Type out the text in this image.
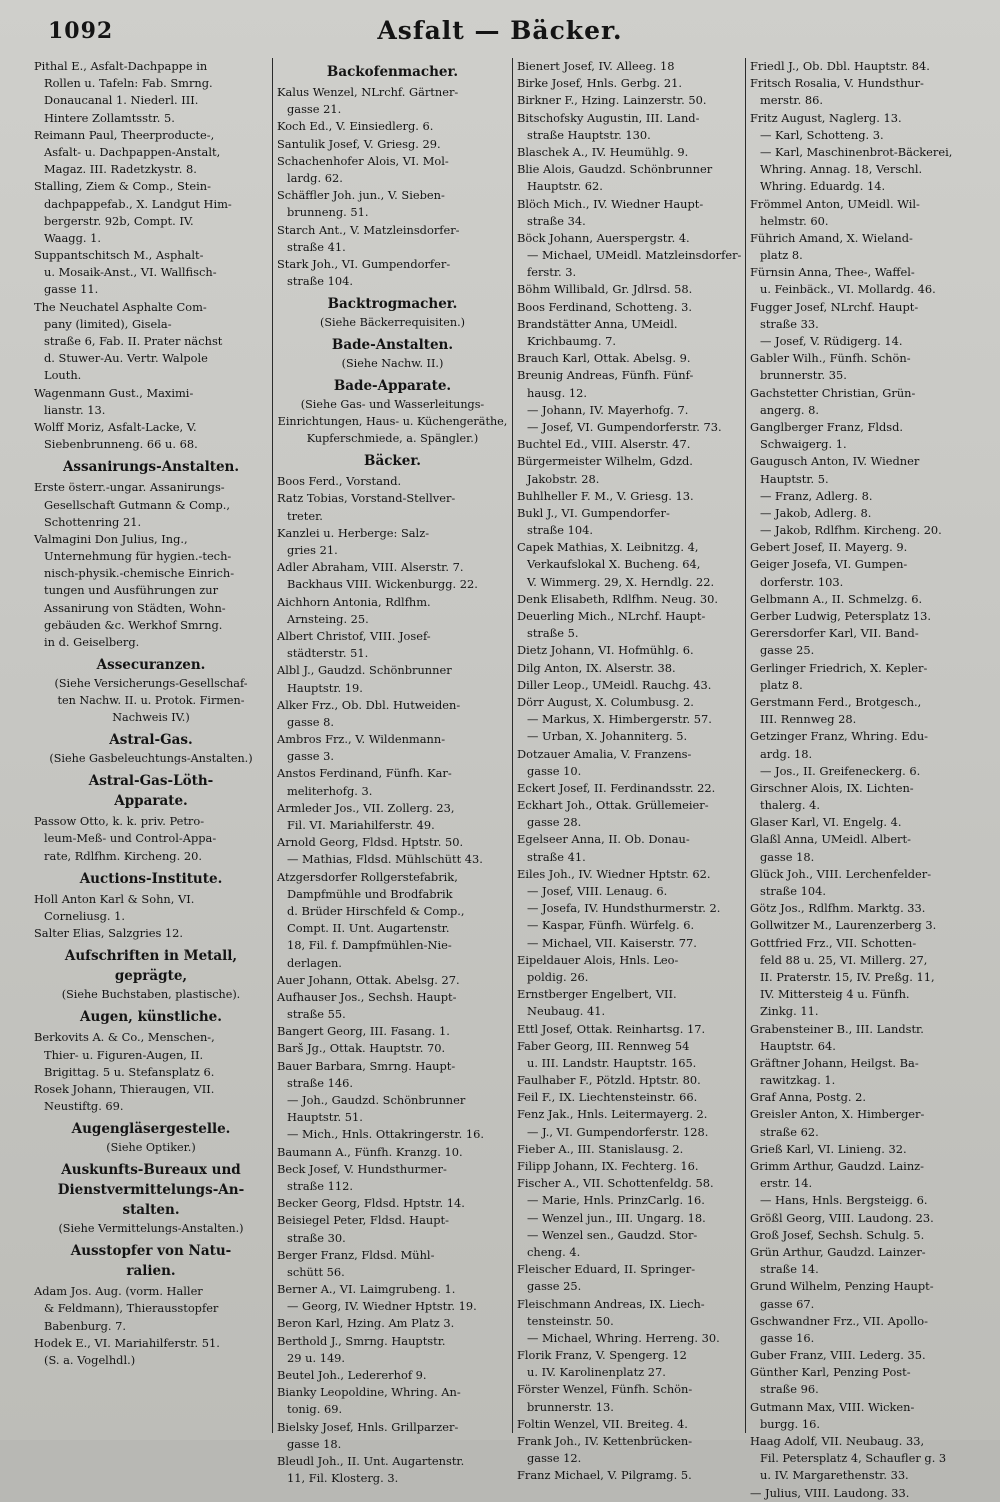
1092	Asfalt — Bäcker.
Pithal E., Asfalt-Dachpappe in
Rollen u. Tafeln: Fab. Smrng.
Donaucanal 1. Niederl. III.
Hintere Zollamtsstr. 5.
Reimann Paul, Theerproducte-,
Asfalt- u. Dachpappen-Anstalt,
Magaz. III. Radetzkystr. 8.
Stalling, Ziem & Comp., Stein-
dachpappefab., X. Landgut Him-
bergerstr. 92b, Compt. IV.
Waagg. 1.
Suppantschitsch M., Asphalt-
u. Mosaik-Anst., VI. Wallfisch-
gasse 11.
The Neuchatel Asphalte Com-
pany (limited), Gisela-
straße 6, Fab. II. Prater nächst
d. Stuwer-Au. Vertr. Walpole
Louth.
Wagenmann Gust., Maximi-
lianstr. 13.
Wolff Moriz, Asfalt-Lacke, V.
Siebenbrunneng. 66 u. 68.
Assanirungs-Anstalten.
Erste österr.-ungar. Assanirungs-
Gesellschaft Gutmann & Comp.,
Schottenring 21.
Valmagini Don Julius, Ing.,
Unternehmung für hygien.-tech-
nisch-physik.-chemische Einrich-
tungen und Ausführungen zur
Assanirung von Städten, Wohn-
gebäuden &c. Werkhof Smrng.
in d. Geiselberg.
Assecuranzen.
(Siehe Versicherungs-Gesellschaf-
ten Nachw. II. u. Protok. Firmen-
Nachweis IV.)
Astral-Gas.
(Siehe Gasbeleuchtungs-Anstalten.)
Astral-Gas-Löth-
Apparate.
Passow Otto, k. k. priv. Petro-
leum-Meß- und Control-Appa-
rate, Rdlfhm. Kircheng. 20.
Auctions-Institute.
Holl Anton Karl & Sohn, VI.
Corneliusg. 1.
Salter Elias, Salzgries 12.
Aufschriften in Metall,
geprägte,
(Siehe Buchstaben, plastische).
Augen, künstliche.
Berkovits A. & Co., Menschen-,
Thier- u. Figuren-Augen, II.
Brigittag. 5 u. Stefansplatz 6.
Rosek Johann, Thieraugen, VII.
Neustiftg. 69.
Augengläsergestelle.
(Siehe Optiker.)
Auskunfts-Bureaux und
Dienstvermittelungs-An-
stalten.
(Siehe Vermittelungs-Anstalten.)
Ausstopfer von Natu-
ralien.
Adam Jos. Aug. (vorm. Haller
& Feldmann), Thierausstopfer
Babenburg. 7.
Hodek E., VI. Mariahilferstr. 51.
(S. a. Vogelhdl.)
Backofenmacher.
Kalus Wenzel, NLrchf. Gärtner-
gasse 21.
Koch Ed., V. Einsiedlerg. 6.
Santulik Josef, V. Griesg. 29.
Schachenhofer Alois, VI. Mol-
lardg. 62.
Schäffler Joh. jun., V. Sieben-
brunneng. 51.
Starch Ant., V. Matzleinsdorfer-
straße 41.
Stark Joh., VI. Gumpendorfer-
straße 104.
Backtrogmacher.
(Siehe Bäckerrequisiten.)
Bade-Anstalten.
(Siehe Nachw. II.)
Bade-Apparate.
(Siehe Gas- und Wasserleitungs-
Einrichtungen, Haus- u. Küchengeräthe,
Kupferschmiede, a. Spängler.)
Bäcker.
Boos Ferd., Vorstand.
Ratz Tobias, Vorstand-Stellver-
treter.
Kanzlei u. Herberge: Salz-
gries 21.
Adler Abraham, VIII. Alserstr. 7.
Backhaus VIII. Wickenburgg. 22.
Aichhorn Antonia, Rdlfhm.
Arnsteing. 25.
Albert Christof, VIII. Josef-
städterstr. 51.
Albl J., Gaudzd. Schönbrunner
Hauptstr. 19.
Alker Frz., Ob. Dbl. Hutweiden-
gasse 8.
Ambros Frz., V. Wildenmann-
gasse 3.
Anstos Ferdinand, Fünfh. Kar-
meliterhofg. 3.
Armleder Jos., VII. Zollerg. 23,
Fil. VI. Mariahilferstr. 49.
Arnold Georg, Fldsd. Hptstr. 50.
— Mathias, Fldsd. Mühlschütt 43.
Atzgersdorfer Rollgerstefabrik,
Dampfmühle und Brodfabrik
d. Brüder Hirschfeld & Comp.,
Compt. II. Unt. Augartenstr.
18, Fil. f. Dampfmühlen-Nie-
derlagen.
Auer Johann, Ottak. Abelsg. 27.
Aufhauser Jos., Sechsh. Haupt-
straße 55.
Bangert Georg, III. Fasang. 1.
Barš Jg., Ottak. Hauptstr. 70.
Bauer Barbara, Smrng. Haupt-
straße 146.
— Joh., Gaudzd. Schönbrunner
Hauptstr. 51.
— Mich., Hnls. Ottakringerstr. 16.
Baumann A., Fünfh. Kranzg. 10.
Beck Josef, V. Hundsthurmer-
straße 112.
Becker Georg, Fldsd. Hptstr. 14.
Beisiegel Peter, Fldsd. Haupt-
straße 30.
Berger Franz, Fldsd. Mühl-
schütt 56.
Berner A., VI. Laimgrubeng. 1.
— Georg, IV. Wiedner Hptstr. 19.
Beron Karl, Hzing. Am Platz 3.
Berthold J., Smrng. Hauptstr.
29 u. 149.
Beutel Joh., Ledererhof 9.
Bianky Leopoldine, Whring. An-
tonig. 69.
Bielsky Josef, Hnls. Grillparzer-
gasse 18.
Bleudl Joh., II. Unt. Augartenstr.
11, Fil. Klosterg. 3.
Bienert Josef, IV. Alleeg. 18
Birke Josef, Hnls. Gerbg. 21.
Birkner F., Hzing. Lainzerstr. 50.
Bitschofsky Augustin, III. Land-
straße Hauptstr. 130.
Blaschek A., IV. Heumühlg. 9.
Blie Alois, Gaudzd. Schönbrunner
Hauptstr. 62.
Blöch Mich., IV. Wiedner Haupt-
straße 34.
Böck Johann, Auerspergstr. 4.
— Michael, UMeidl. Matzleinsdorfer-
ferstr. 3.
Böhm Willibald, Gr. Jdlrsd. 58.
Boos Ferdinand, Schotteng. 3.
Brandstätter Anna, UMeidl.
Krichbaumg. 7.
Brauch Karl, Ottak. Abelsg. 9.
Breunig Andreas, Fünfh. Fünf-
hausg. 12.
— Johann, IV. Mayerhofg. 7.
— Josef, VI. Gumpendorferstr. 73.
Buchtel Ed., VIII. Alserstr. 47.
Bürgermeister Wilhelm, Gdzd.
Jakobstr. 28.
Buhlheller F. M., V. Griesg. 13.
Bukl J., VI. Gumpendorfer-
straße 104.
Capek Mathias, X. Leibnitzg. 4,
Verkaufslokal X. Bucheng. 64,
V. Wimmerg. 29, X. Herndlg. 22.
Denk Elisabeth, Rdlfhm. Neug. 30.
Deuerling Mich., NLrchf. Haupt-
straße 5.
Dietz Johann, VI. Hofmühlg. 6.
Dilg Anton, IX. Alserstr. 38.
Diller Leop., UMeidl. Rauchg. 43.
Dörr August, X. Columbusg. 2.
— Markus, X. Himbergerstr. 57.
— Urban, X. Johanniterg. 5.
Dotzauer Amalia, V. Franzens-
gasse 10.
Eckert Josef, II. Ferdinandsstr. 22.
Eckhart Joh., Ottak. Grüllemeier-
gasse 28.
Egelseer Anna, II. Ob. Donau-
straße 41.
Eiles Joh., IV. Wiedner Hptstr. 62.
— Josef, VIII. Lenaug. 6.
— Josefa, IV. Hundsthurmerstr. 2.
— Kaspar, Fünfh. Würfelg. 6.
— Michael, VII. Kaiserstr. 77.
Eipeldauer Alois, Hnls. Leo-
poldig. 26.
Ernstberger Engelbert, VII.
Neubaug. 41.
Ettl Josef, Ottak. Reinhartsg. 17.
Faber Georg, III. Rennweg 54
u. III. Landstr. Hauptstr. 165.
Faulhaber F., Pötzld. Hptstr. 80.
Feil F., IX. Liechtensteinstr. 66.
Fenz Jak., Hnls. Leitermayerg. 2.
— J., VI. Gumpendorferstr. 128.
Fieber A., III. Stanislausg. 2.
Filipp Johann, IX. Fechterg. 16.
Fischer A., VII. Schottenfeldg. 58.
— Marie, Hnls. PrinzCarlg. 16.
— Wenzel jun., III. Ungarg. 18.
— Wenzel sen., Gaudzd. Stor-
cheng. 4.
Fleischer Eduard, II. Springer-
gasse 25.
Fleischmann Andreas, IX. Liech-
tensteinstr. 50.
— Michael, Whring. Herreng. 30.
Florik Franz, V. Spengerg. 12
u. IV. Karolinenplatz 27.
Förster Wenzel, Fünfh. Schön-
brunnerstr. 13.
Foltin Wenzel, VII. Breiteg. 4.
Frank Joh., IV. Kettenbrücken-
gasse 12.
Franz Michael, V. Pilgramg. 5.
Friedl J., Ob. Dbl. Hauptstr. 84.
Fritsch Rosalia, V. Hundsthur-
merstr. 86.
Fritz August, Naglerg. 13.
— Karl, Schotteng. 3.
— Karl, Maschinenbrot-Bäckerei,
Whring. Annag. 18, Verschl.
Whring. Eduardg. 14.
Frömmel Anton, UMeidl. Wil-
helmstr. 60.
Führich Amand, X. Wieland-
platz 8.
Fürnsin Anna, Thee-, Waffel-
u. Feinbäck., VI. Mollardg. 46.
Fugger Josef, NLrchf. Haupt-
straße 33.
— Josef, V. Rüdigerg. 14.
Gabler Wilh., Fünfh. Schön-
brunnerstr. 35.
Gachstetter Christian, Grün-
angerg. 8.
Ganglberger Franz, Fldsd.
Schwaigerg. 1.
Gaugusch Anton, IV. Wiedner
Hauptstr. 5.
— Franz, Adlerg. 8.
— Jakob, Adlerg. 8.
— Jakob, Rdlfhm. Kircheng. 20.
Gebert Josef, II. Mayerg. 9.
Geiger Josefa, VI. Gumpen-
dorferstr. 103.
Gelbmann A., II. Schmelzg. 6.
Gerber Ludwig, Petersplatz 13.
Gerersdorfer Karl, VII. Band-
gasse 25.
Gerlinger Friedrich, X. Kepler-
platz 8.
Gerstmann Ferd., Brotgesch.,
III. Rennweg 28.
Getzinger Franz, Whring. Edu-
ardg. 18.
— Jos., II. Greifeneckerg. 6.
Girschner Alois, IX. Lichten-
thalerg. 4.
Glaser Karl, VI. Engelg. 4.
Glaßl Anna, UMeidl. Albert-
gasse 18.
Glück Joh., VIII. Lerchenfelder-
straße 104.
Götz Jos., Rdlfhm. Marktg. 33.
Gollwitzer M., Laurenzerberg 3.
Gottfried Frz., VII. Schotten-
feld 88 u. 25, VI. Millerg. 27,
II. Praterstr. 15, IV. Preßg. 11,
IV. Mittersteig 4 u. Fünfh.
Zinkg. 11.
Grabensteiner B., III. Landstr.
Hauptstr. 64.
Gräftner Johann, Heilgst. Ba-
rawitzkag. 1.
Graf Anna, Postg. 2.
Greisler Anton, X. Himberger-
straße 62.
Grieß Karl, VI. Linieng. 32.
Grimm Arthur, Gaudzd. Lainz-
erstr. 14.
— Hans, Hnls. Bergsteigg. 6.
Größl Georg, VIII. Laudong. 23.
Groß Josef, Sechsh. Schulg. 5.
Grün Arthur, Gaudzd. Lainzer-
straße 14.
Grund Wilhelm, Penzing Haupt-
gasse 67.
Gschwandner Frz., VII. Apollo-
gasse 16.
Guber Franz, VIII. Lederg. 35.
Günther Karl, Penzing Post-
straße 96.
Gutmann Max, VIII. Wicken-
burgg. 16.
Haag Adolf, VII. Neubaug. 33,
Fil. Petersplatz 4, Schaufler g. 3
u. IV. Margarethenstr. 33.
— Julius, VIII. Laudong. 33.
